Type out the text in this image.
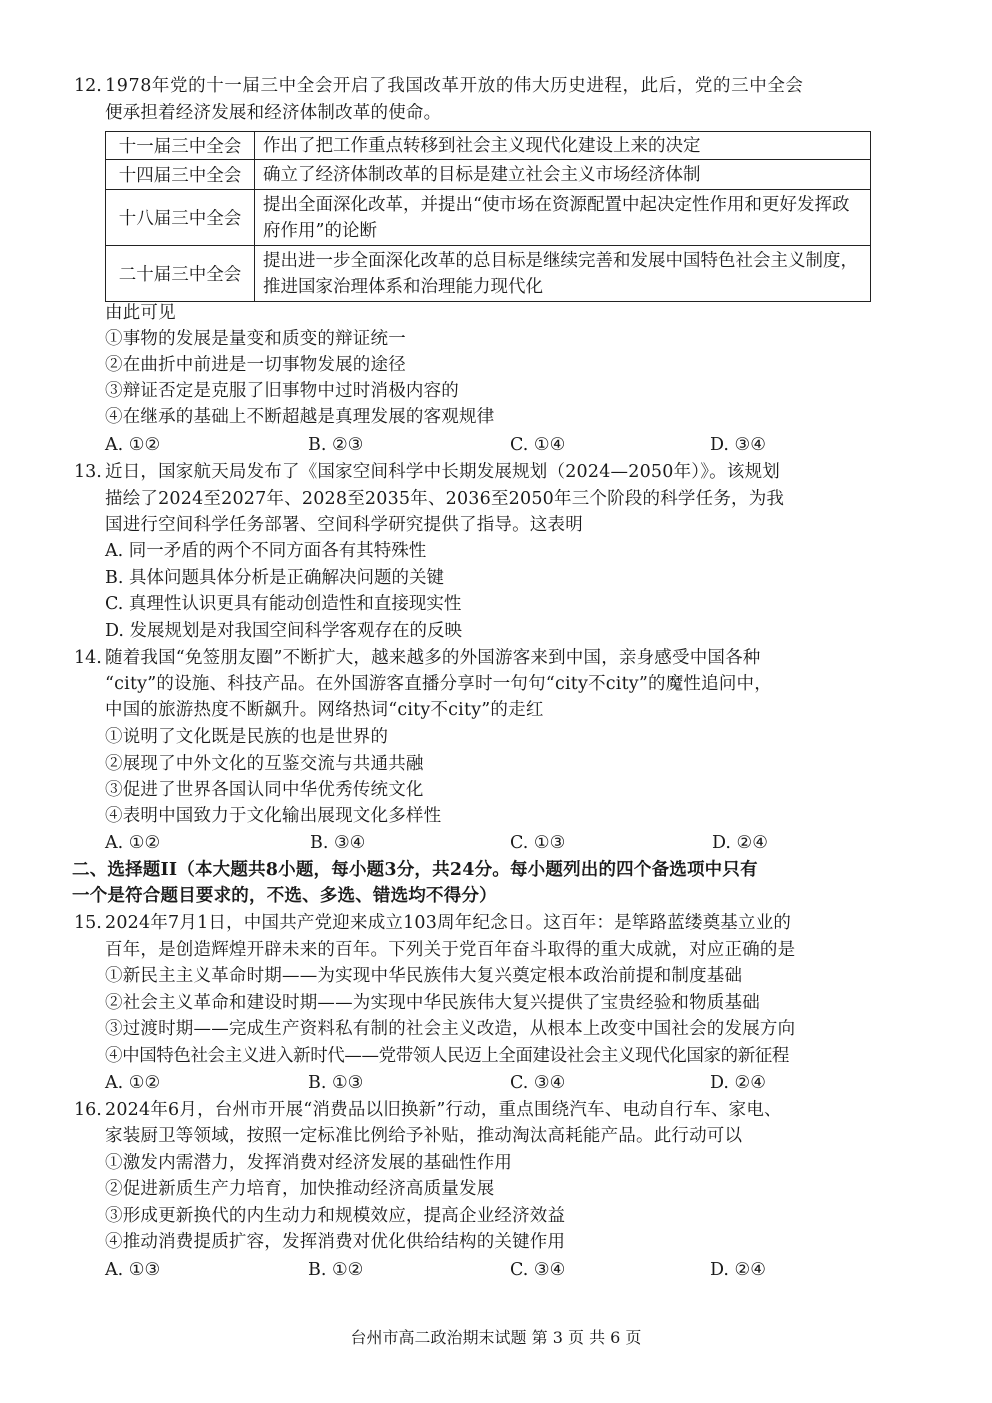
12. 1978年党的十一届三中全会开启了我国改革开放的伟大历史进程，此后，党的三中全会
便承担着经济发展和经济体制改革的使命。
十一届三中全会	作出了把工作重点转移到社会主义现代化建设上来的决定
十四届三中全会	确立了经济体制改革的目标是建立社会主义市场经济体制
十八届三中全会	提出全面深化改革，并提出“使市场在资源配置中起决定性作用和更好发挥政府作用”的论断
二十届三中全会	提出进一步全面深化改革的总目标是继续完善和发展中国特色社会主义制度，推进国家治理体系和治理能力现代化
由此可见
①事物的发展是量变和质变的辩证统一
②在曲折中前进是一切事物发展的途径
③辩证否定是克服了旧事物中过时消极内容的
④在继承的基础上不断超越是真理发展的客观规律
A. ①②	B. ②③	C. ①④	D. ③④
13. 近日，国家航天局发布了《国家空间科学中长期发展规划（2024—2050年）》。该规划
描绘了2024至2027年、2028至2035年、2036至2050年三个阶段的科学任务，为我
国进行空间科学任务部署、空间科学研究提供了指导。这表明
A. 同一矛盾的两个不同方面各有其特殊性
B. 具体问题具体分析是正确解决问题的关键
C. 真理性认识更具有能动创造性和直接现实性
D. 发展规划是对我国空间科学客观存在的反映
14. 随着我国“免签朋友圈”不断扩大，越来越多的外国游客来到中国，亲身感受中国各种
“city”的设施、科技产品。在外国游客直播分享时一句句“city不city”的魔性追问中，
中国的旅游热度不断飙升。网络热词“city不city”的走红
①说明了文化既是民族的也是世界的
②展现了中外文化的互鉴交流与共通共融
③促进了世界各国认同中华优秀传统文化
④表明中国致力于文化输出展现文化多样性
A. ①②	B. ③④	C. ①③	D. ②④
二、选择题II（本大题共8小题，每小题3分，共24分。每小题列出的四个备选项中只有
一个是符合题目要求的，不选、多选、错选均不得分）
15. 2024年7月1日，中国共产党迎来成立103周年纪念日。这百年：是筚路蓝缕奠基立业的
百年，是创造辉煌开辟未来的百年。下列关于党百年奋斗取得的重大成就，对应正确的是
①新民主主义革命时期——为实现中华民族伟大复兴奠定根本政治前提和制度基础
②社会主义革命和建设时期——为实现中华民族伟大复兴提供了宝贵经验和物质基础
③过渡时期——完成生产资料私有制的社会主义改造，从根本上改变中国社会的发展方向
④中国特色社会主义进入新时代——党带领人民迈上全面建设社会主义现代化国家的新征程
A. ①②	B. ①③	C. ③④	D. ②④
16. 2024年6月，台州市开展“消费品以旧换新”行动，重点围绕汽车、电动自行车、家电、
家装厨卫等领域，按照一定标准比例给予补贴，推动淘汰高耗能产品。此行动可以
①激发内需潜力，发挥消费对经济发展的基础性作用
②促进新质生产力培育，加快推动经济高质量发展
③形成更新换代的内生动力和规模效应，提高企业经济效益
④推动消费提质扩容，发挥消费对优化供给结构的关键作用
A. ①③	B. ①②	C. ③④	D. ②④
台州市高二政治期末试题 第 3 页 共 6 页
